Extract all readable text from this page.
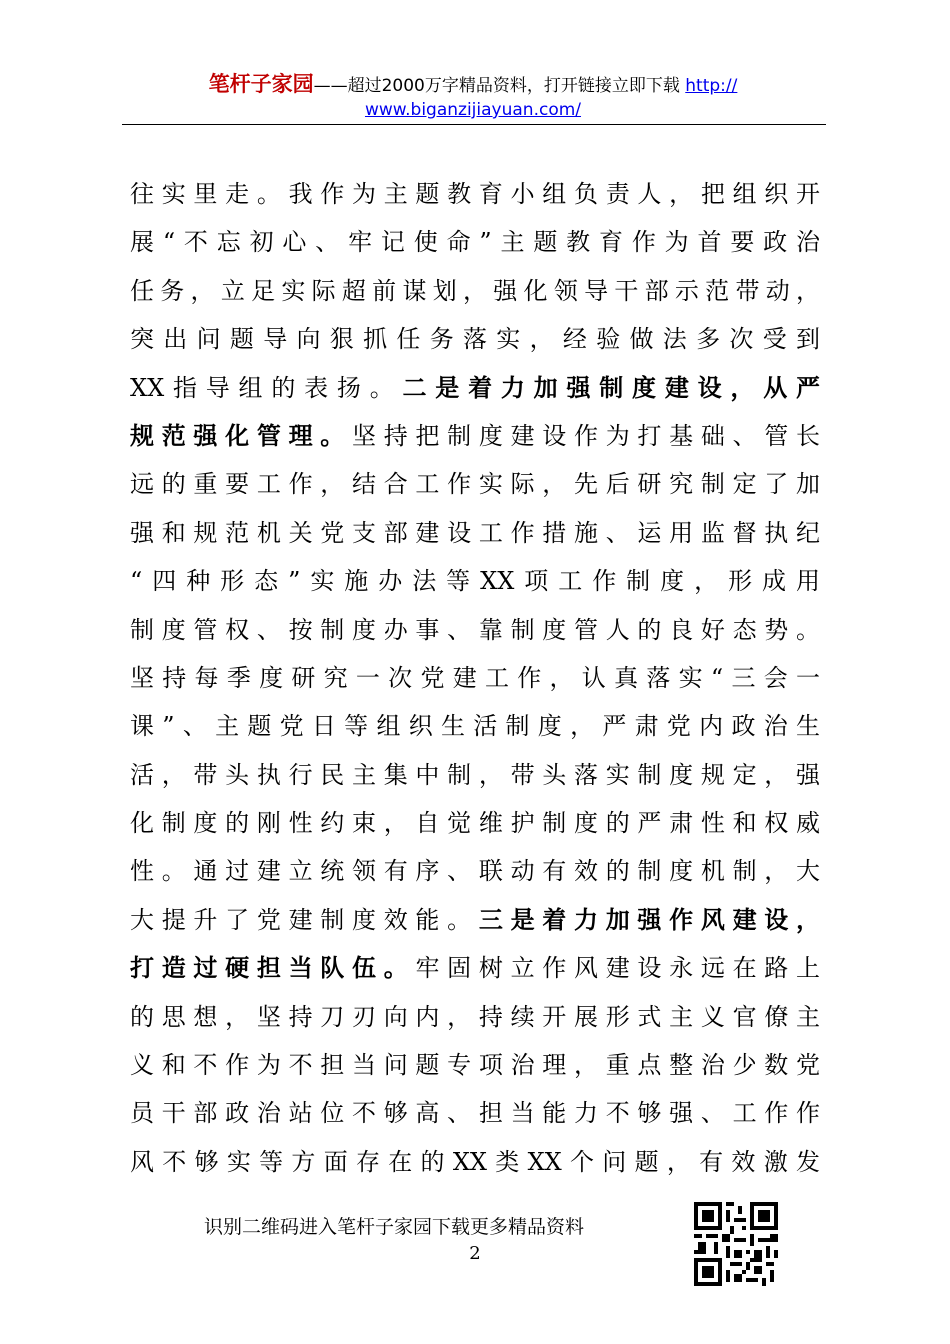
笔杆子家园——超过2000万字精品资料，打开链接立即下载 http://
www.biganzijiayuan.com/
往实里走。我作为主题教育小组负责人，把组织开
展“不忘初心、牢记使命”主题教育作为首要政治
任务，立足实际超前谋划，强化领导干部示范带动，
突出问题导向狠抓任务落实，经验做法多次受到
XX指导组的表扬。二是着力加强制度建设，从严
规范强化管理。坚持把制度建设作为打基础、管长
远的重要工作，结合工作实际，先后研究制定了加
强和规范机关党支部建设工作措施、运用监督执纪
“四种形态”实施办法等XX项工作制度，形成用
制度管权、按制度办事、靠制度管人的良好态势。
坚持每季度研究一次党建工作，认真落实“三会一
课”、主题党日等组织生活制度，严肃党内政治生
活，带头执行民主集中制，带头落实制度规定，强
化制度的刚性约束，自觉维护制度的严肃性和权威
性。通过建立统领有序、联动有效的制度机制，大
大提升了党建制度效能。三是着力加强作风建设，
打造过硬担当队伍。牢固树立作风建设永远在路上
的思想，坚持刀刃向内，持续开展形式主义官僚主
义和不作为不担当问题专项治理，重点整治少数党
员干部政治站位不够高、担当能力不够强、工作作
风不够实等方面存在的XX类XX个问题，有效激发
识别二维码进入笔杆子家园下载更多精品资料
2
